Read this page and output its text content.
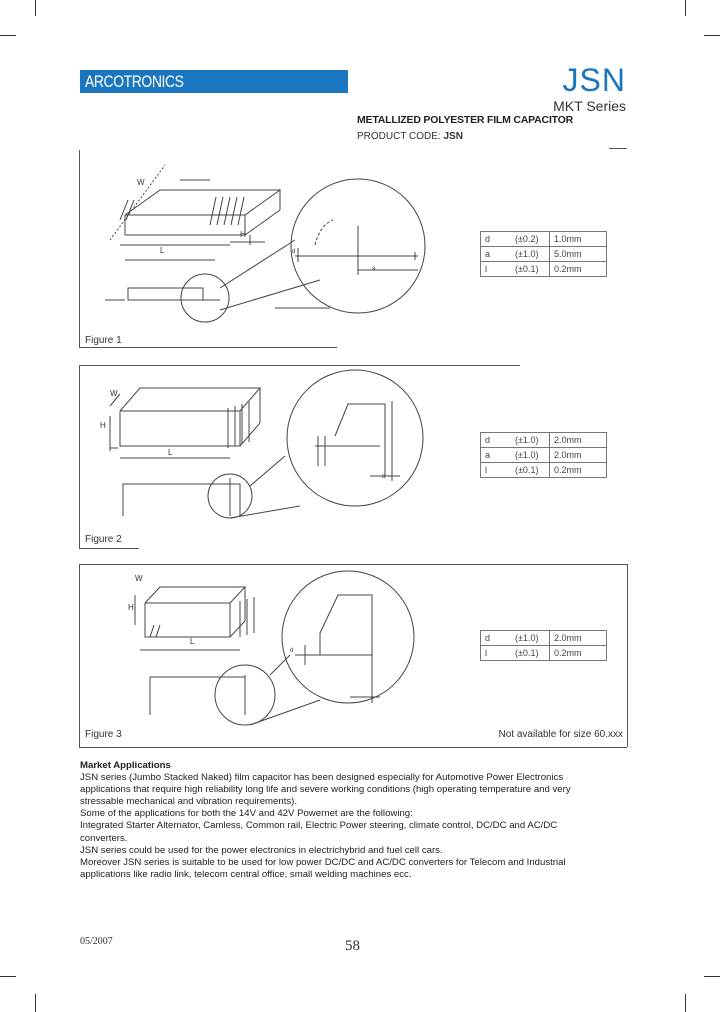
ARCOTRONICS	JSN
MKT Series
METALLIZED POLYESTER FILM CAPACITOR
PRODUCT CODE: JSN
W
H
L
a
d
Figure 1
d	(±0.2)	1.0mm
a	(±1.0)	5.0mm
l	(±0.1)	0.2mm
W
H
L
a
Figure 2
d	(±1.0)	2.0mm
a	(±1.0)	2.0mm
l	(±0.1)	0.2mm
W
H
L
d
Figure 3
d	(±1.0)	2.0mm
l	(±0.1)	0.2mm
Not available for size 60.xxx
Market Applications
JSN series (Jumbo Stacked Naked) film capacitor has been designed especially for Automotive Power Electronics
applications that require high reliability long life and severe working conditions (high operating temperature and very
stressable mechanical and vibration requirements).
Some of the applications for both the 14V and 42V Powernet are the following:
Integrated Starter Alternator, Camless, Common rail, Electric Power steering, climate control, DC/DC and AC/DC
converters.
JSN series could be used for the power electronics in electrichybrid and fuel cell cars.
Moreover JSN series is suitable to be used for low power DC/DC and AC/DC converters for Telecom and Industrial
applications like radio link, telecom central office, small welding machines ecc.
05/2007	58
